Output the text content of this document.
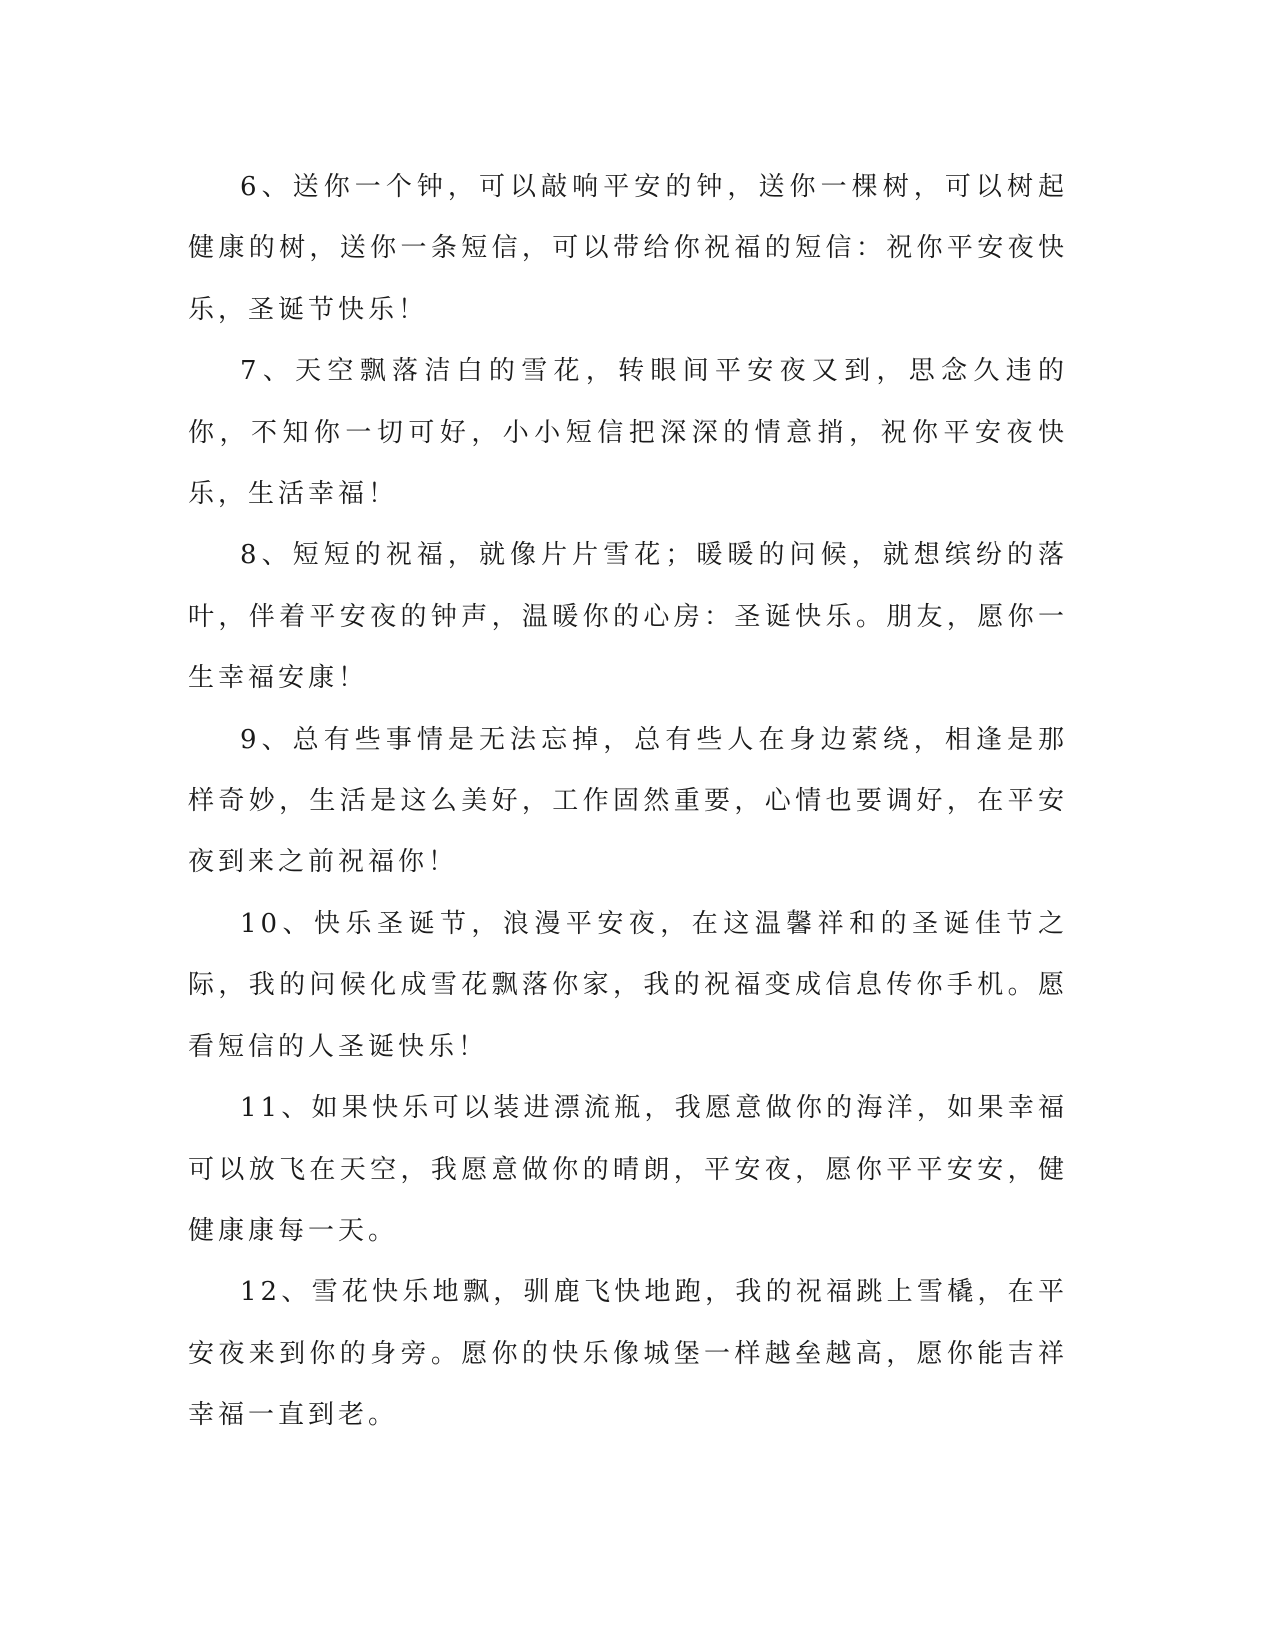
6、送你一个钟，可以敲响平安的钟，送你一棵树，可以树起健康的树，送你一条短信，可以带给你祝福的短信：祝你平安夜快乐，圣诞节快乐！

7、天空飘落洁白的雪花，转眼间平安夜又到，思念久违的你，不知你一切可好，小小短信把深深的情意捎，祝你平安夜快乐，生活幸福！

8、短短的祝福，就像片片雪花；暖暖的问候，就想缤纷的落叶，伴着平安夜的钟声，温暖你的心房：圣诞快乐。朋友，愿你一生幸福安康！

9、总有些事情是无法忘掉，总有些人在身边萦绕，相逢是那样奇妙，生活是这么美好，工作固然重要，心情也要调好，在平安夜到来之前祝福你！

10、快乐圣诞节，浪漫平安夜，在这温馨祥和的圣诞佳节之际，我的问候化成雪花飘落你家，我的祝福变成信息传你手机。愿看短信的人圣诞快乐！

11、如果快乐可以装进漂流瓶，我愿意做你的海洋，如果幸福可以放飞在天空，我愿意做你的晴朗，平安夜，愿你平平安安，健健康康每一天。

12、雪花快乐地飘，驯鹿飞快地跑，我的祝福跳上雪橇，在平安夜来到你的身旁。愿你的快乐像城堡一样越垒越高，愿你能吉祥幸福一直到老。
